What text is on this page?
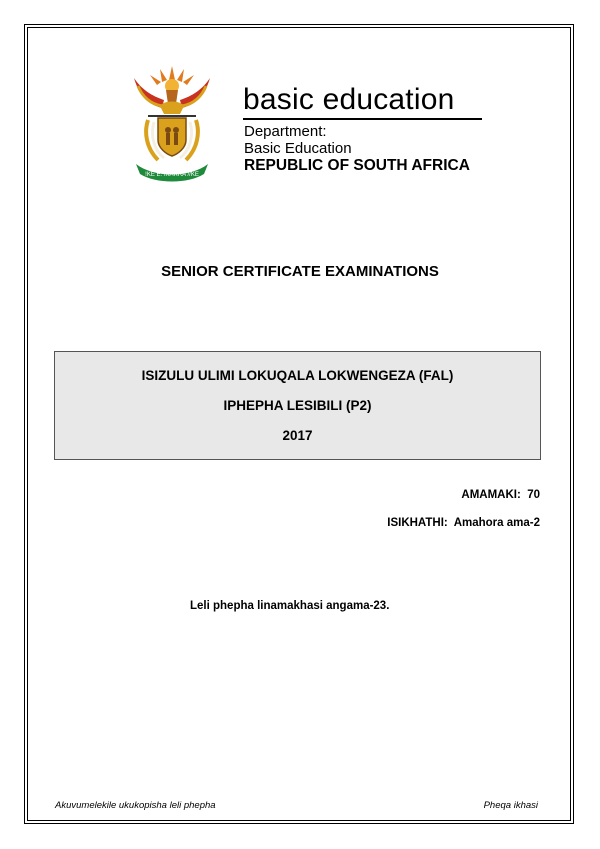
!KE E: /XARRA //KE
basic education
Department:
Basic Education
REPUBLIC OF SOUTH AFRICA
SENIOR CERTIFICATE EXAMINATIONS
ISIZULU ULIMI LOKUQALA LOKWENGEZA (FAL)
IPHEPHA LESIBILI (P2)
2017
AMAMAKI:  70
ISIKHATHI:  Amahora ama-2
Leli phepha linamakhasi angama-23.
Akuvumelekile ukukopisha leli phepha	Pheqa ikhasi
